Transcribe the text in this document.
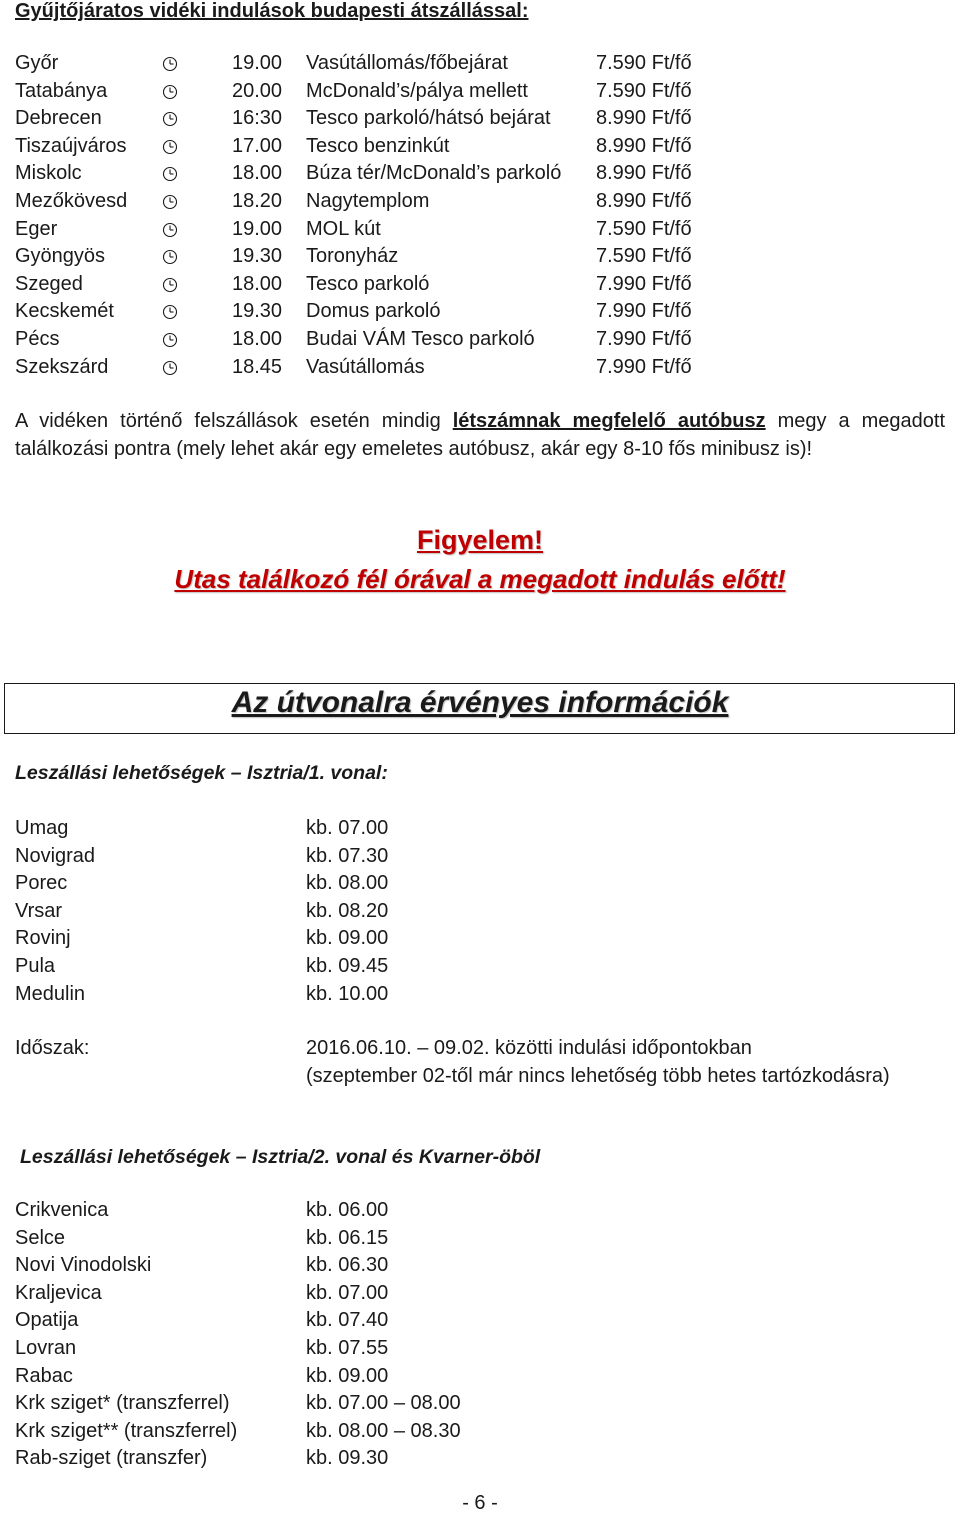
Gyűjtőjáratos vidéki indulások budapesti átszállással:
Győr	19.00 Vasútállomás/főbejárat	7.590 Ft/fő
Tatabánya	20.00 McDonald’s/pálya mellett	7.590 Ft/fő
Debrecen	16:30 Tesco parkoló/hátsó bejárat 8.990 Ft/fő
Tiszaújváros	17.00 Tesco benzinkút	8.990 Ft/fő
Miskolc	18.00 Búza tér/McDonald’s parkoló 8.990 Ft/fő
Mezőkövesd	18.20 Nagytemplom	8.990 Ft/fő
Eger	19.00 MOL kút	7.590 Ft/fő
Gyöngyös	19.30 Toronyház	7.590 Ft/fő
Szeged	18.00 Tesco parkoló	7.990 Ft/fő
Kecskemét	19.30 Domus parkoló	7.990 Ft/fő
Pécs	18.00 Budai VÁM Tesco parkoló	7.990 Ft/fő
Szekszárd	18.45 Vasútállomás	7.990 Ft/fő
A vidéken történő felszállások esetén mindig létszámnak megfelelő autóbusz megy a megadott találkozási pontra (mely lehet akár egy emeletes autóbusz, akár egy 8-10 fős minibusz is)!
Figyelem!
Utas találkozó fél órával a megadott indulás előtt!
Az útvonalra érvényes információk
Leszállási lehetőségek – Isztria/1. vonal:
Umag	kb. 07.00
Novigrad	kb. 07.30
Porec	kb. 08.00
Vrsar	kb. 08.20
Rovinj	kb. 09.00
Pula	kb. 09.45
Medulin	kb. 10.00
Időszak:	2016.06.10. – 09.02. közötti indulási időpontokban
(szeptember 02-től már nincs lehetőség több hetes tartózkodásra)
Leszállási lehetőségek – Isztria/2. vonal és Kvarner-öböl
Crikvenica	kb. 06.00
Selce	kb. 06.15
Novi Vinodolski	kb. 06.30
Kraljevica	kb. 07.00
Opatija	kb. 07.40
Lovran	kb. 07.55
Rabac	kb. 09.00
Krk sziget* (transzferrel)	kb. 07.00 – 08.00
Krk sziget** (transzferrel)	kb. 08.00 – 08.30
Rab-sziget (transzfer)	kb. 09.30
- 6 -
